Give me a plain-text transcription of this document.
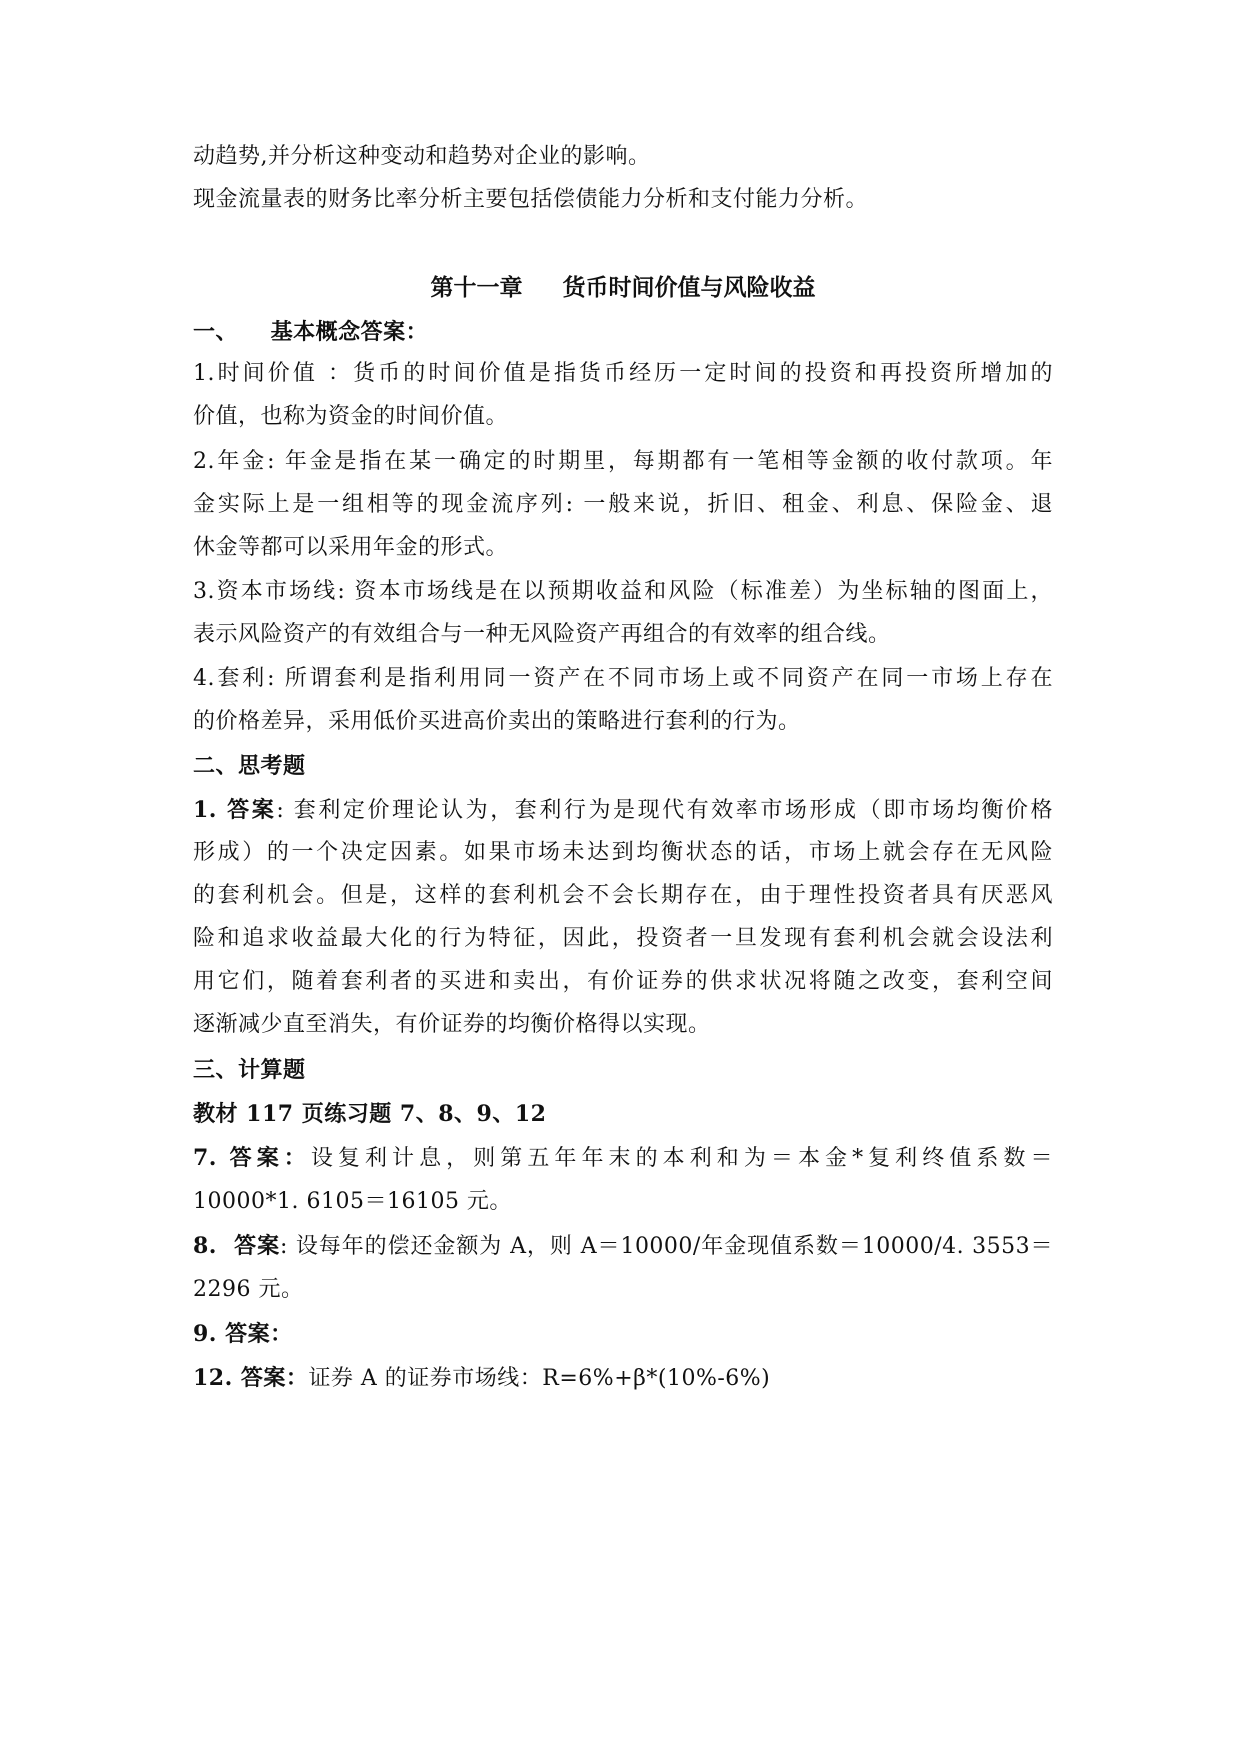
动趋势,并分析这种变动和趋势对企业的影响。
现金流量表的财务比率分析主要包括偿债能力分析和支付能力分析。
第十一章     货币时间价值与风险收益
一、    基本概念答案：
1.时间价值 ：货币的时间价值是指货币经历一定时间的投资和再投资所增加的
价值，也称为资金的时间价值。
2.年金: 年金是指在某一确定的时期里，每期都有一笔相等金额的收付款项。年
金实际上是一组相等的现金流序列: 一般来说，折旧、租金、利息、保险金、退
休金等都可以采用年金的形式。
3.资本市场线: 资本市场线是在以预期收益和风险（标准差）为坐标轴的图面上，
表示风险资产的有效组合与一种无风险资产再组合的有效率的组合线。
4.套利: 所谓套利是指利用同一资产在不同市场上或不同资产在同一市场上存在
的价格差异，采用低价买进高价卖出的策略进行套利的行为。
二、思考题
1. 答案: 套利定价理论认为，套利行为是现代有效率市场形成（即市场均衡价格
形成）的一个决定因素。如果市场未达到均衡状态的话，市场上就会存在无风险
的套利机会。但是，这样的套利机会不会长期存在，由于理性投资者具有厌恶风
险和追求收益最大化的行为特征，因此，投资者一旦发现有套利机会就会设法利
用它们，随着套利者的买进和卖出，有价证券的供求状况将随之改变，套利空间
逐渐减少直至消失，有价证券的均衡价格得以实现。
三、计算题
教材 117 页练习题 7、8、9、12
7. 答案：设复利计息，则第五年年末的本利和为＝本金*复利终值系数＝
10000*1. 6105＝16105 元。
8.  答案: 设每年的偿还金额为 A，则 A＝10000/年金现值系数＝10000/4. 3553＝
2296 元。
9. 答案：
12. 答案：证券 A 的证券市场线：R=6%+β*(10%-6%)
